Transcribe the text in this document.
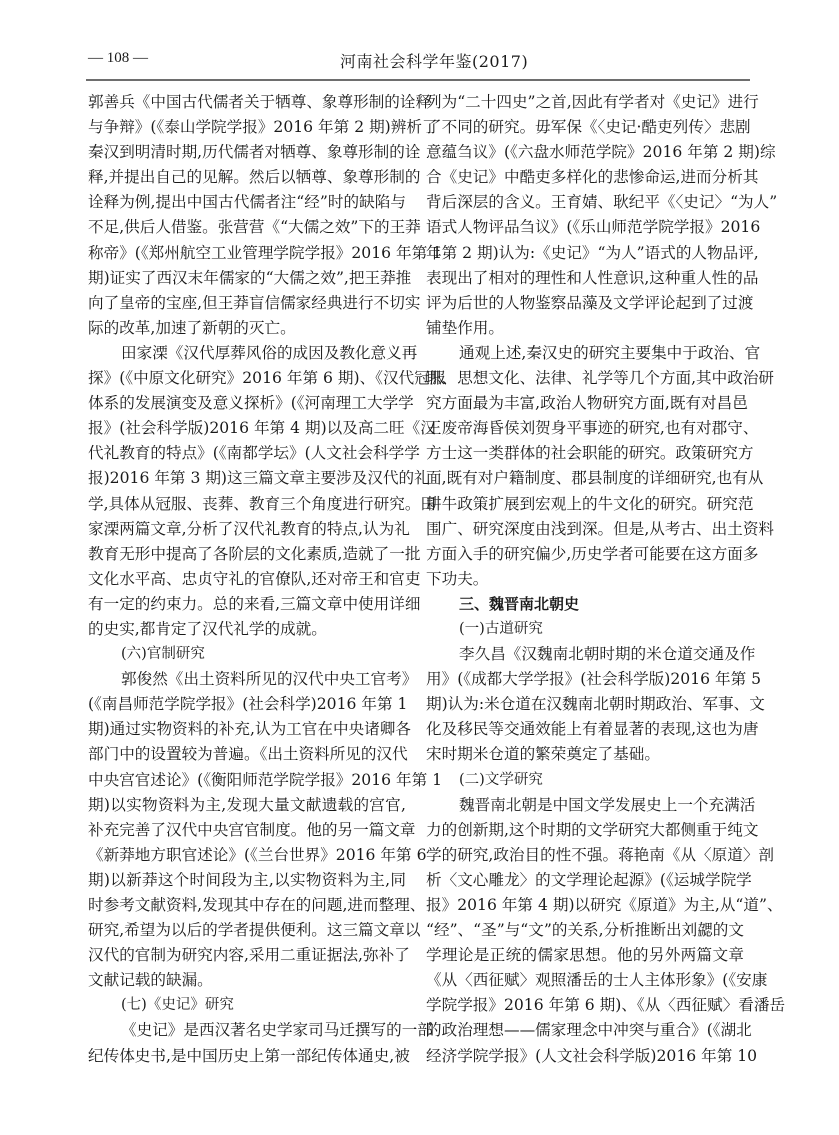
— 108 —	河南社会科学年鉴(2017)
郭善兵《中国古代儒者关于牺尊、象尊形制的诠释
与争辩》(《泰山学院学报》2016 年第 2 期)辨析了
秦汉到明清时期,历代儒者对牺尊、象尊形制的诠
释,并提出自己的见解。然后以牺尊、象尊形制的
诠释为例,提出中国古代儒者注“经”时的缺陷与
不足,供后人借鉴。张营营《“大儒之效”下的王莽
称帝》(《郑州航空工业管理学院学报》2016 年第 1
期)证实了西汉末年儒家的“大儒之效”,把王莽推
向了皇帝的宝座,但王莽盲信儒家经典进行不切实
际的改革,加速了新朝的灭亡。
田家溧《汉代厚葬风俗的成因及教化意义再
探》(《中原文化研究》2016 年第 6 期)、《汉代冠服
体系的发展演变及意义探析》(《河南理工大学学
报》(社会科学版)2016 年第 4 期)以及高二旺《汉
代礼教育的特点》(《南都学坛》(人文社会科学学
报)2016 年第 3 期)这三篇文章主要涉及汉代的礼
学,具体从冠服、丧葬、教育三个角度进行研究。田
家溧两篇文章,分析了汉代礼教育的特点,认为礼
教育无形中提高了各阶层的文化素质,造就了一批
文化水平高、忠贞守礼的官僚队,还对帝王和官吏
有一定的约束力。总的来看,三篇文章中使用详细
的史实,都肯定了汉代礼学的成就。
(六)官制研究
郭俊然《出土资料所见的汉代中央工官考》
(《南昌师范学院学报》(社会科学)2016 年第 1
期)通过实物资料的补充,认为工官在中央诸卿各
部门中的设置较为普遍。《出土资料所见的汉代
中央宫官述论》(《衡阳师范学院学报》2016 年第 1
期)以实物资料为主,发现大量文献遗载的宫官,
补充完善了汉代中央宫官制度。他的另一篇文章
《新莽地方职官述论》(《兰台世界》2016 年第 6
期)以新莽这个时间段为主,以实物资料为主,同
时参考文献资料,发现其中存在的问题,进而整理、
研究,希望为以后的学者提供便利。这三篇文章以
汉代的官制为研究内容,采用二重证据法,弥补了
文献记载的缺漏。
(七)《史记》研究
《史记》是西汉著名史学家司马迁撰写的一部
纪传体史书,是中国历史上第一部纪传体通史,被
列为“二十四史”之首,因此有学者对《史记》进行
了不同的研究。毋军保《〈史记·酷吏列传〉悲剧
意蕴刍议》(《六盘水师范学院》2016 年第 2 期)综
合《史记》中酷吏多样化的悲惨命运,进而分析其
背后深层的含义。王育婧、耿纪平《〈史记〉“为人”
语式人物评品刍议》(《乐山师范学院学报》2016
年第 2 期)认为:《史记》“为人”语式的人物品评,
表现出了相对的理性和人性意识,这种重人性的品
评为后世的人物鉴察品藻及文学评论起到了过渡
铺垫作用。
通观上述,秦汉史的研究主要集中于政治、官
职、思想文化、法律、礼学等几个方面,其中政治研
究方面最为丰富,政治人物研究方面,既有对昌邑
王废帝海昏侯刘贺身平事迹的研究,也有对郡守、
方士这一类群体的社会职能的研究。政策研究方
面,既有对户籍制度、郡县制度的详细研究,也有从
耕牛政策扩展到宏观上的牛文化的研究。研究范
围广、研究深度由浅到深。但是,从考古、出土资料
方面入手的研究偏少,历史学者可能要在这方面多
下功夫。
三、魏晋南北朝史
(一)古道研究
李久昌《汉魏南北朝时期的米仓道交通及作
用》(《成都大学学报》(社会科学版)2016 年第 5
期)认为:米仓道在汉魏南北朝时期政治、军事、文
化及移民等交通效能上有着显著的表现,这也为唐
宋时期米仓道的繁荣奠定了基础。
(二)文学研究
魏晋南北朝是中国文学发展史上一个充满活
力的创新期,这个时期的文学研究大都侧重于纯文
学的研究,政治目的性不强。蒋艳南《从〈原道〉剖
析〈文心雕龙〉的文学理论起源》(《运城学院学
报》2016 年第 4 期)以研究《原道》为主,从“道”、
“经”、“圣”与“文”的关系,分析推断出刘勰的文
学理论是正统的儒家思想。他的另外两篇文章
《从〈西征赋〉观照潘岳的士人主体形象》(《安康
学院学报》2016 年第 6 期)、《从〈西征赋〉看潘岳
的政治理想——儒家理念中冲突与重合》(《湖北
经济学院学报》(人文社会科学版)2016 年第 10
